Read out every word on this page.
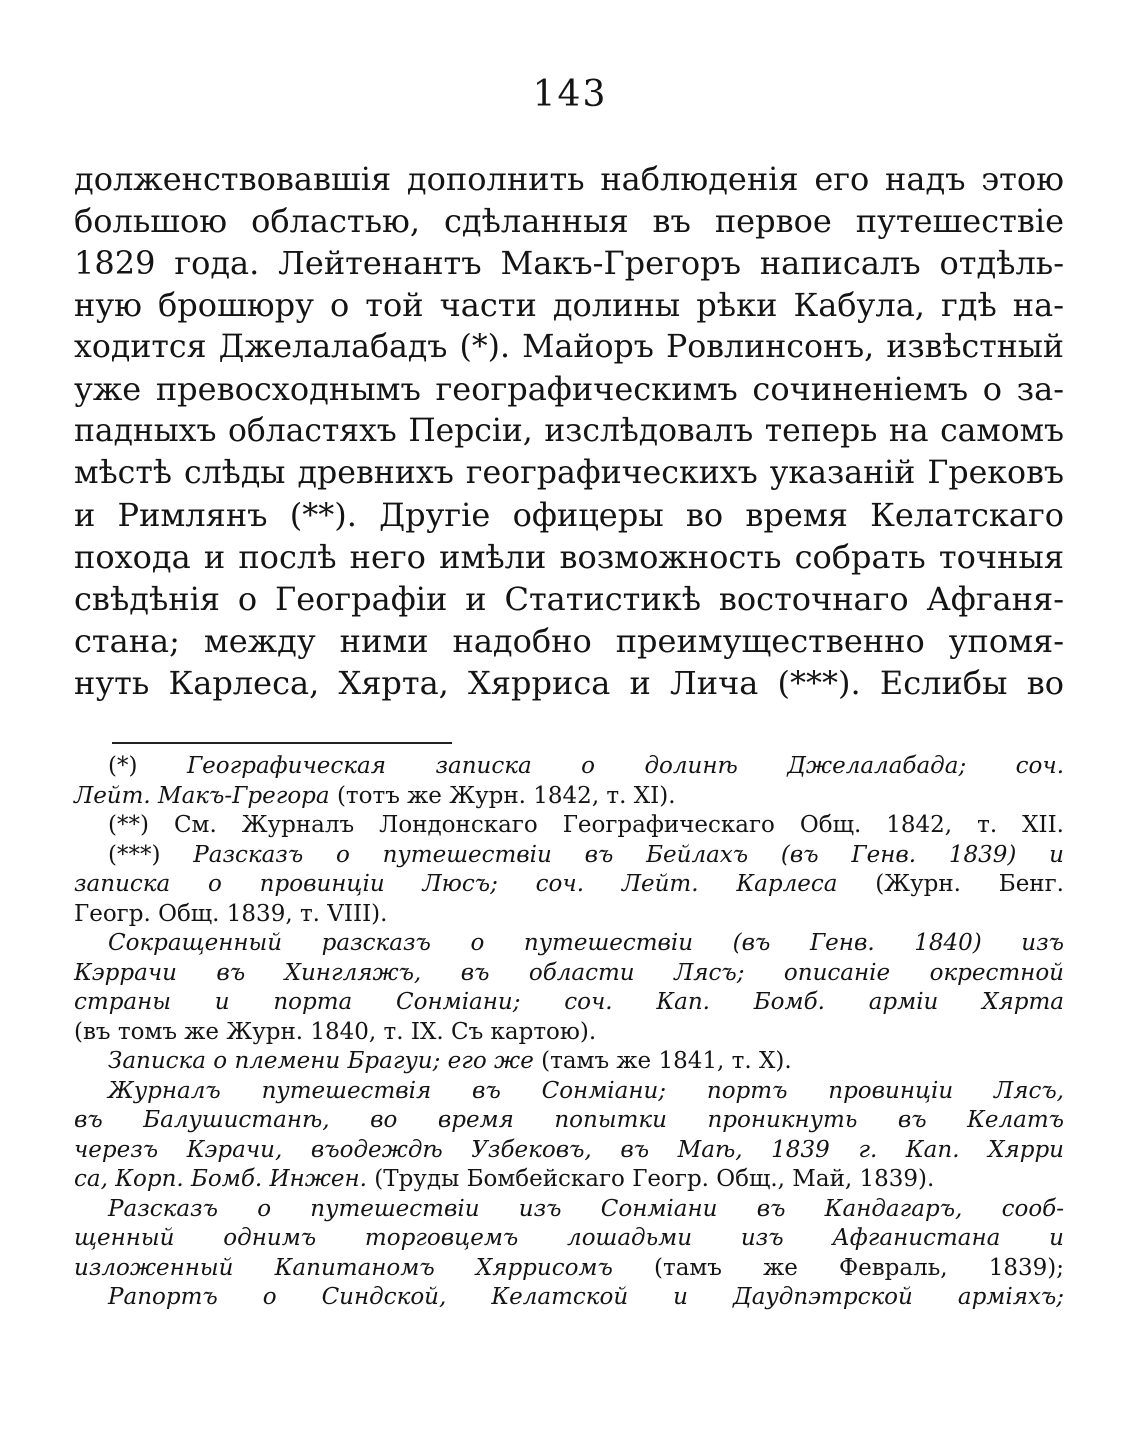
143
долженствовавшія дополнить наблюденія его надъ этою
большою областью, сдѣланныя въ первое путешествіе
1829 года. Лейтенантъ Макъ-Грегоръ написалъ отдѣль-
ную брошюру о той части долины рѣки Кабула, гдѣ на-
ходится Джелалабадъ (*). Майоръ Ровлинсонъ, извѣстный
уже превосходнымъ географическимъ сочиненіемъ о за-
падныхъ областяхъ Персіи, изслѣдовалъ теперь на самомъ
мѣстѣ слѣды древнихъ географическихъ указаній Грековъ
и Римлянъ (**). Другіе офицеры во время Келатскаго
похода и послѣ него имѣли возможность собрать точныя
свѣдѣнія о Географіи и Статистикѣ восточнаго Афганя-
стана; между ними надобно преимущественно упомя-
нуть Карлеса, Хярта, Хярриса и Лича (***). Еслибы во
(*) Географическая записка о долинѣ Джелалабада; соч.
Лейт. Макъ-Грегора (тотъ же Журн. 1842, т. XI).
(**) См. Журналъ Лондонскаго Географическаго Общ. 1842, т. XII.
(***) Разсказъ о путешествіи въ Бейлахъ (въ Генв. 1839) и
записка о провинціи Люсъ; соч. Лейт. Карлеса (Журн. Бенг.
Геогр. Общ. 1839, т. VIII).
Сокращенный разсказъ о путешествіи (въ Генв. 1840) изъ
Кэррачи въ Хингляжъ, въ области Лясъ; описаніе окрестной
страны и порта Сонміани; соч. Кап. Бомб. арміи Хярта
(въ томъ же Журн. 1840, т. IX. Съ картою).
Записка о племени Брагуи; его же (тамъ же 1841, т. X).
Журналъ путешествія въ Сонміани; портъ провинціи Лясъ,
въ Балушистанѣ, во время попытки проникнуть въ Келатъ
черезъ Кэрачи, въодеждѣ Узбековъ, въ Маѣ, 1839 г. Кап. Хярри
са, Корп. Бомб. Инжен. (Труды Бомбейскаго Геогр. Общ., Май, 1839).
Разсказъ о путешествіи изъ Сонміани въ Кандагаръ, сооб-
щенный однимъ торговцемъ лошадьми изъ Афганистана и
изложенный Капитаномъ Хяррисомъ (тамъ же Февраль, 1839);
Рапортъ о Синдской, Келатской и Даудпэтрской арміяхъ;
